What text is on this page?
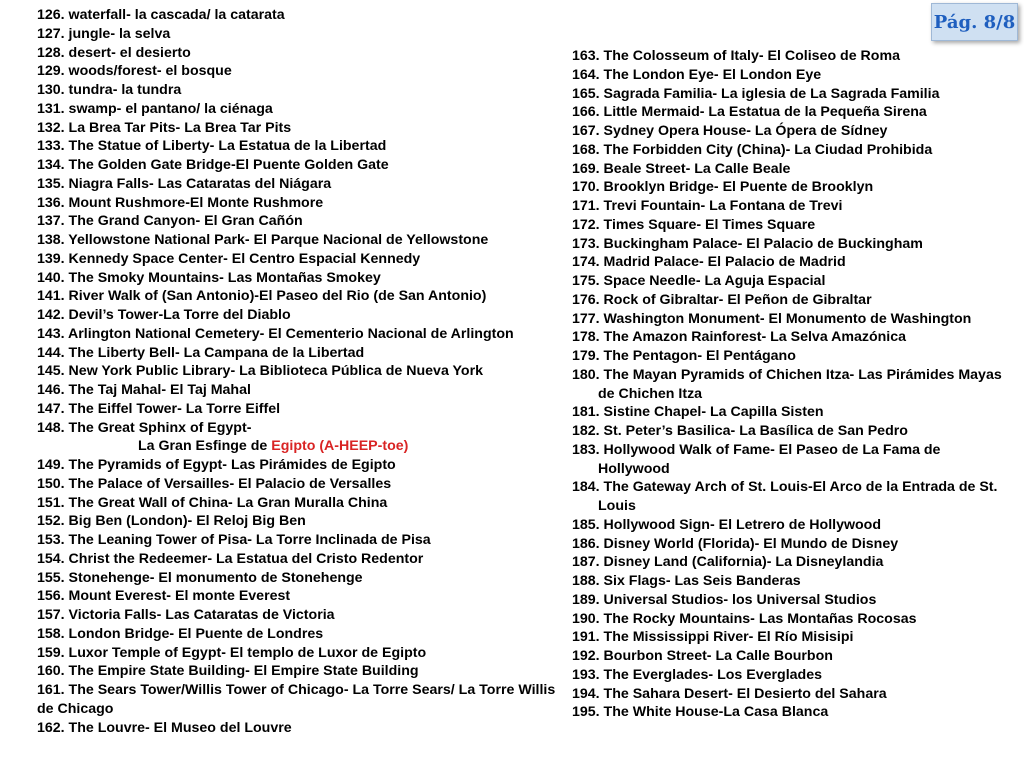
Pág. 8/8
126. waterfall- la cascada/ la catarata
127. jungle- la selva
128. desert- el desierto
129. woods/forest- el bosque
130. tundra- la tundra
131. swamp- el pantano/ la ciénaga
132. La Brea Tar Pits- La Brea Tar Pits
133. The Statue of Liberty- La Estatua de la Libertad
134. The Golden Gate Bridge-El Puente Golden Gate
135. Niagra Falls- Las Cataratas del Niágara
136. Mount Rushmore-El Monte Rushmore
137. The Grand Canyon- El Gran Cañón
138. Yellowstone National Park- El Parque Nacional de Yellowstone
139. Kennedy Space Center- El Centro Espacial Kennedy
140. The Smoky Mountains- Las Montañas Smokey
141. River Walk of (San Antonio)-El Paseo del Rio (de San Antonio)
142. Devil’s Tower-La Torre del Diablo
143. Arlington National Cemetery- El Cementerio Nacional de Arlington
144. The Liberty Bell- La Campana de la Libertad
145. New York Public Library- La Biblioteca Pública de Nueva York
146. The Taj Mahal- El Taj Mahal
147. The Eiffel Tower- La Torre Eiffel
148. The Great Sphinx of Egypt-
La Gran Esfinge de Egipto (A-HEEP-toe)
149. The Pyramids of Egypt- Las Pirámides de Egipto
150. The Palace of Versailles- El Palacio de Versalles
151. The Great Wall of China- La Gran Muralla China
152. Big Ben (London)- El Reloj Big Ben
153. The Leaning Tower of Pisa- La Torre Inclinada de Pisa
154. Christ the Redeemer- La Estatua del Cristo Redentor
155. Stonehenge- El monumento de Stonehenge
156. Mount Everest- El monte Everest
157. Victoria Falls- Las Cataratas de Victoria
158. London Bridge- El Puente de Londres
159. Luxor Temple of Egypt- El templo de Luxor de Egipto
160. The Empire State Building- El Empire State Building
161. The Sears Tower/Willis Tower of Chicago- La Torre Sears/ La Torre Willis de Chicago
162. The Louvre- El Museo del Louvre
163. The Colosseum of Italy- El Coliseo de Roma
164. The London Eye- El London Eye
165. Sagrada Familia- La iglesia de La Sagrada Familia
166. Little Mermaid- La Estatua de la Pequeña Sirena
167. Sydney Opera House- La Ópera de Sídney
168. The Forbidden City (China)- La Ciudad Prohibida
169. Beale Street- La Calle Beale
170. Brooklyn Bridge- El Puente de Brooklyn
171. Trevi Fountain- La Fontana de Trevi
172. Times Square- El Times Square
173. Buckingham Palace- El Palacio de Buckingham
174. Madrid Palace- El Palacio de Madrid
175. Space Needle- La Aguja Espacial
176. Rock of Gibraltar- El Peñon de Gibraltar
177. Washington Monument- El Monumento de Washington
178. The Amazon Rainforest- La Selva Amazónica
179. The Pentagon- El Pentágano
180. The Mayan Pyramids of Chichen Itza- Las Pirámides Mayas de Chichen Itza
181. Sistine Chapel- La Capilla Sisten
182. St. Peter’s Basilica- La Basílica de San Pedro
183. Hollywood Walk of Fame- El Paseo de La Fama de Hollywood
184. The Gateway Arch of St. Louis-El Arco de la Entrada de St. Louis
185. Hollywood Sign- El Letrero de Hollywood
186. Disney World (Florida)- El Mundo de Disney
187. Disney Land (California)- La Disneylandia
188. Six Flags- Las Seis Banderas
189. Universal Studios- los Universal Studios
190. The Rocky Mountains- Las Montañas Rocosas
191. The Mississippi River- El Río Misisipi
192. Bourbon Street- La Calle Bourbon
193. The Everglades- Los Everglades
194. The Sahara Desert- El Desierto del Sahara
195. The White House-La Casa Blanca
